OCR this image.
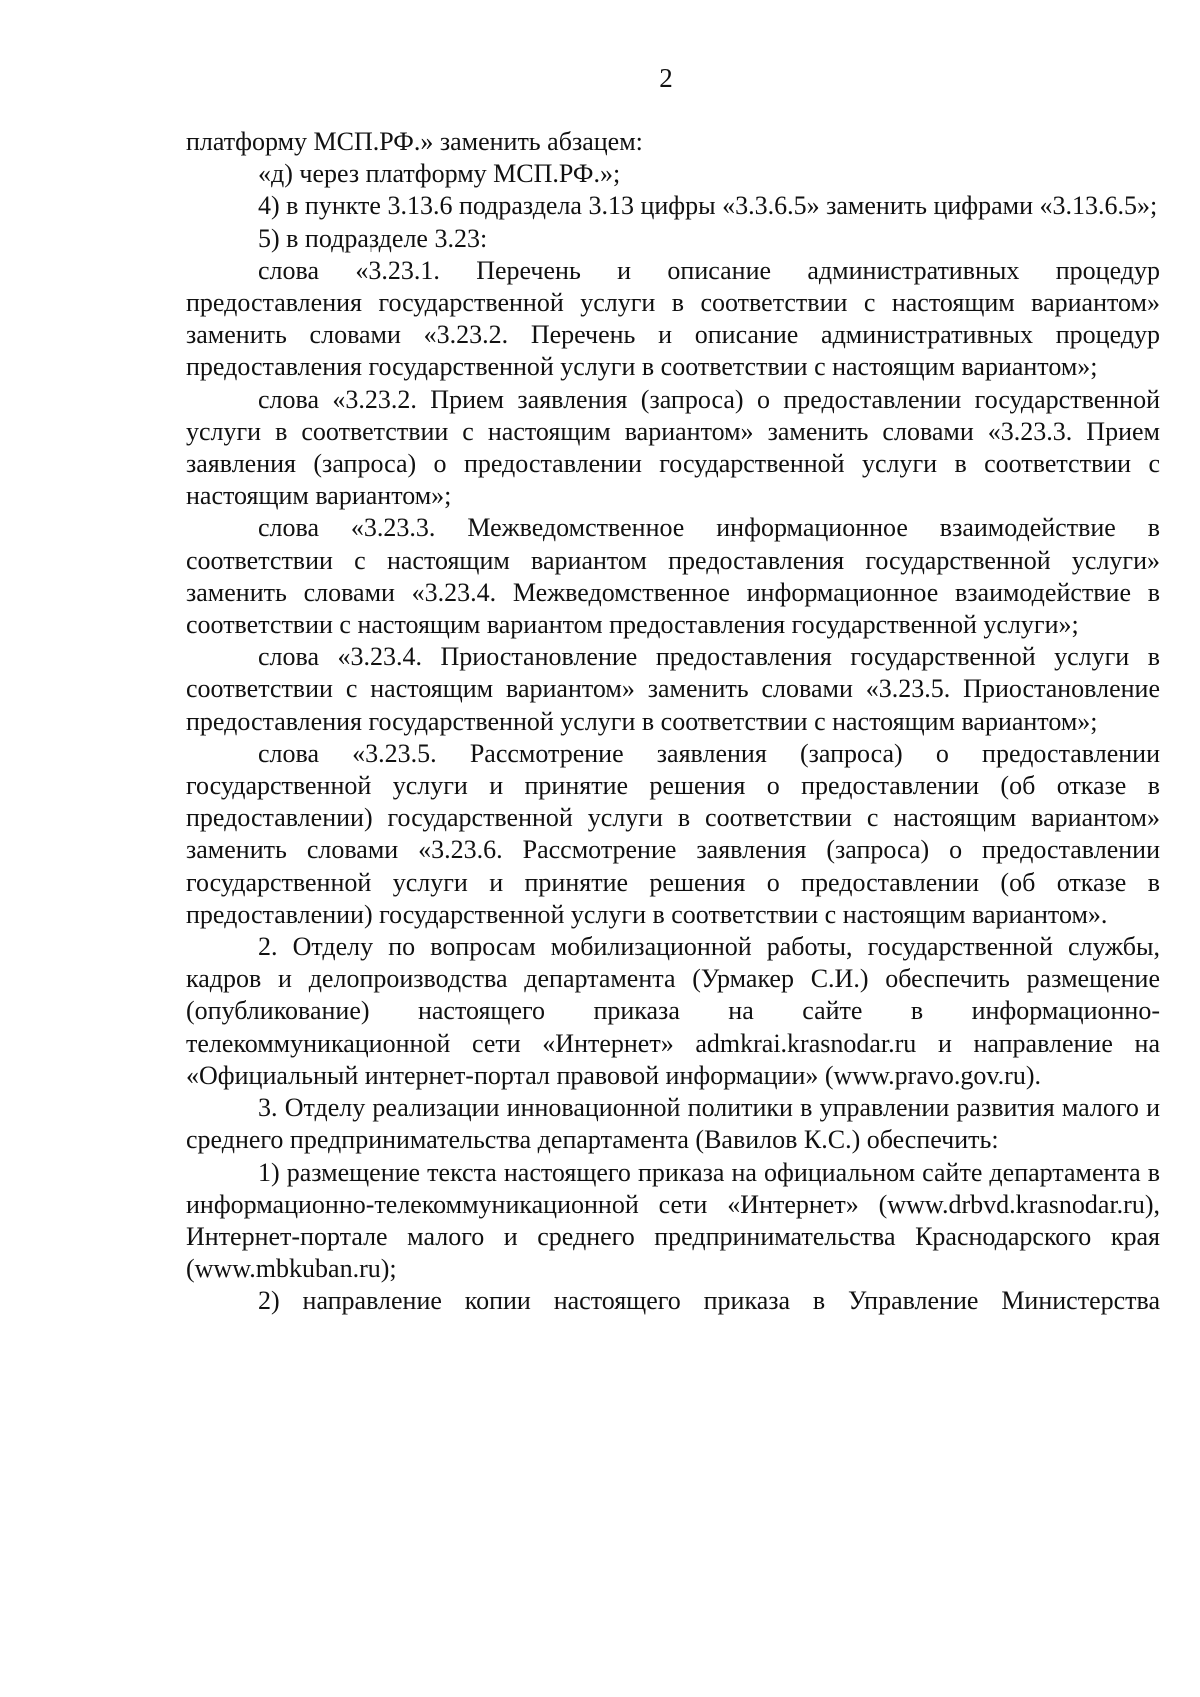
2

платформу МСП.РФ.» заменить абзацем:

«д) через платформу МСП.РФ.»;

4) в пункте 3.13.6 подраздела 3.13 цифры «3.3.6.5» заменить цифрами «3.13.6.5»;

5) в подразделе 3.23:

слова «3.23.1. Перечень и описание административных процедур предоставления государственной услуги в соответствии с настоящим вариантом» заменить словами «3.23.2. Перечень и описание административных процедур предоставления государственной услуги в соответствии с настоящим вариантом»;

слова «3.23.2. Прием заявления (запроса) о предоставлении государственной услуги в соответствии с настоящим вариантом» заменить словами «3.23.3. Прием заявления (запроса) о предоставлении государственной услуги в соответствии с настоящим вариантом»;

слова «3.23.3. Межведомственное информационное взаимодействие в соответствии с настоящим вариантом предоставления государственной услуги» заменить словами «3.23.4. Межведомственное информационное взаимодействие в соответствии с настоящим вариантом предоставления государственной услуги»;

слова «3.23.4. Приостановление предоставления государственной услуги в соответствии с настоящим вариантом» заменить словами «3.23.5. Приостановление предоставления государственной услуги в соответствии с настоящим вариантом»;

слова «3.23.5. Рассмотрение заявления (запроса) о предоставлении государственной услуги и принятие решения о предоставлении (об отказе в предоставлении) государственной услуги в соответствии с настоящим вариантом» заменить словами «3.23.6. Рассмотрение заявления (запроса) о предоставлении государственной услуги и принятие решения о предоставлении (об отказе в предоставлении) государственной услуги в соответствии с настоящим вариантом».

2. Отделу по вопросам мобилизационной работы, государственной службы, кадров и делопроизводства департамента (Урмакер С.И.) обеспечить размещение (опубликование) настоящего приказа на сайте в информационно-телекоммуникационной сети «Интернет» admkrai.krasnodar.ru и направление на «Официальный интернет-портал правовой информации» (www.pravo.gov.ru).

3. Отделу реализации инновационной политики в управлении развития малого и среднего предпринимательства департамента (Вавилов К.С.) обеспечить:

1) размещение текста настоящего приказа на официальном сайте департамента в информационно-телекоммуникационной сети «Интернет» (www.drbvd.krasnodar.ru), Интернет-портале малого и среднего предпринимательства Краснодарского края (www.mbkuban.ru);

2) направление копии настоящего приказа в Управление Министерства
